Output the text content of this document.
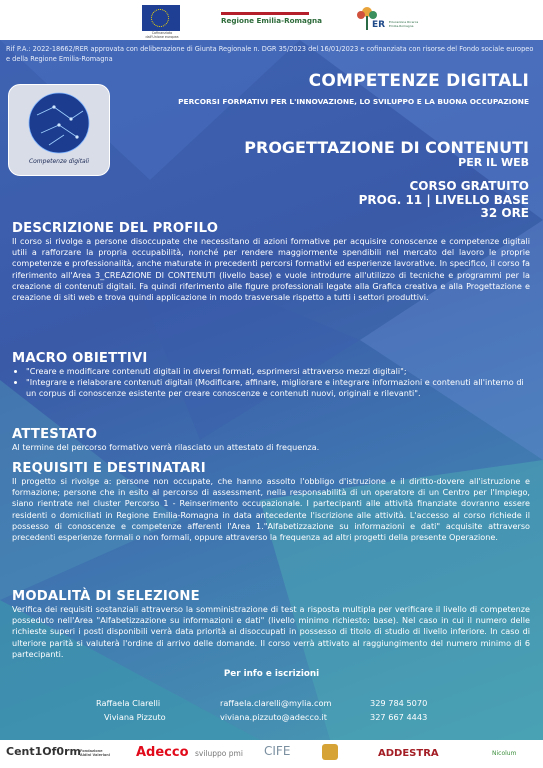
Cofinanziato dall'Unione europea
Regione Emilia-Romagna	ER Educazione Ricerca Emilia-Romagna
Rif P.A.: 2022-18662/RER approvata con deliberazione di Giunta Regionale n. DGR 35/2023 del 16/01/2023 e cofinanziata con risorse del Fondo sociale europeo e della Regione Emilia-Romagna
Competenze digitali
COMPETENZE DIGITALI
PERCORSI FORMATIVI PER L'INNOVAZIONE, LO SVILUPPO E LA BUONA OCCUPAZIONE
PROGETTAZIONE DI CONTENUTI
PER IL WEB
CORSO GRATUITO
PROG. 11 | LIVELLO BASE
32 ORE
DESCRIZIONE DEL PROFILO
Il corso si rivolge a persone disoccupate che necessitano di azioni formative per acquisire conoscenze e competenze digitali utili a rafforzare la propria occupabilità, nonché per rendere maggiormente spendibili nel mercato del lavoro le proprie competenze e professionalità, anche maturate in precedenti percorsi formativi ed esperienze lavorative. In specifico, il corso fa riferimento all'Area 3_CREAZIONE DI CONTENUTI (livello base) e vuole introdurre all'utilizzo di tecniche e programmi per la creazione di contenuti digitali. Fa quindi riferimento alle figure professionali legate alla Grafica creativa e alla Progettazione e creazione di siti web e trova quindi applicazione in modo trasversale rispetto a tutti i settori produttivi.
MACRO OBIETTIVI
• "Creare e modificare contenuti digitali in diversi formati, esprimersi attraverso mezzi digitali";
• "Integrare e rielaborare contenuti digitali (Modificare, affinare, migliorare e integrare informazioni e contenuti all'interno di un corpus di conoscenze esistente per creare conoscenze e contenuti nuovi, originali e rilevanti".
ATTESTATO
Al termine del percorso formativo verrà rilasciato un attestato di frequenza.
REQUISITI E DESTINATARI
Il progetto si rivolge a: persone non occupate, che hanno assolto l'obbligo d'istruzione e il diritto-dovere all'istruzione e formazione; persone che in esito al percorso di assessment, nella responsabilità di un operatore di un Centro per l'Impiego, siano rientrate nel cluster Percorso 1 - Reinserimento occupazionale. I partecipanti alle attività finanziate dovranno essere residenti o domiciliati in Regione Emilia-Romagna in data antecedente l'iscrizione alle attività. L'accesso al corso richiede il possesso di conoscenze e competenze afferenti l'Area 1."Alfabetizzazione su informazioni e dati" acquisite attraverso precedenti esperienze formali o non formali, oppure attraverso la frequenza ad altri progetti della presente Operazione.
MODALITÀ DI SELEZIONE
Verifica dei requisiti sostanziali attraverso la somministrazione di test a risposta multipla per verificare il livello di competenze posseduto nell'Area "Alfabetizzazione su informazioni e dati" (livello minimo richiesto: base). Nel caso in cui il numero delle richieste superi i posti disponibili verrà data priorità ai disoccupati in possesso di titolo di studio di livello inferiore. In caso di ulteriore parità si valuterà l'ordine di arrivo delle domande. Il corso verrà attivato al raggiungimento del numero minimo di 6 partecipanti.
Per info e iscrizioni
Raffaela Clarelli	raffaela.clarelli@mylia.com	329 784 5070
Viviana Pizzuto	viviana.pizzuto@adecco.it	327 667 4443
Cent1Of0rm Fondazione Aldini Valeriani Adecco sviluppo pmi CIFE	ADDESTRA	Nicolum
